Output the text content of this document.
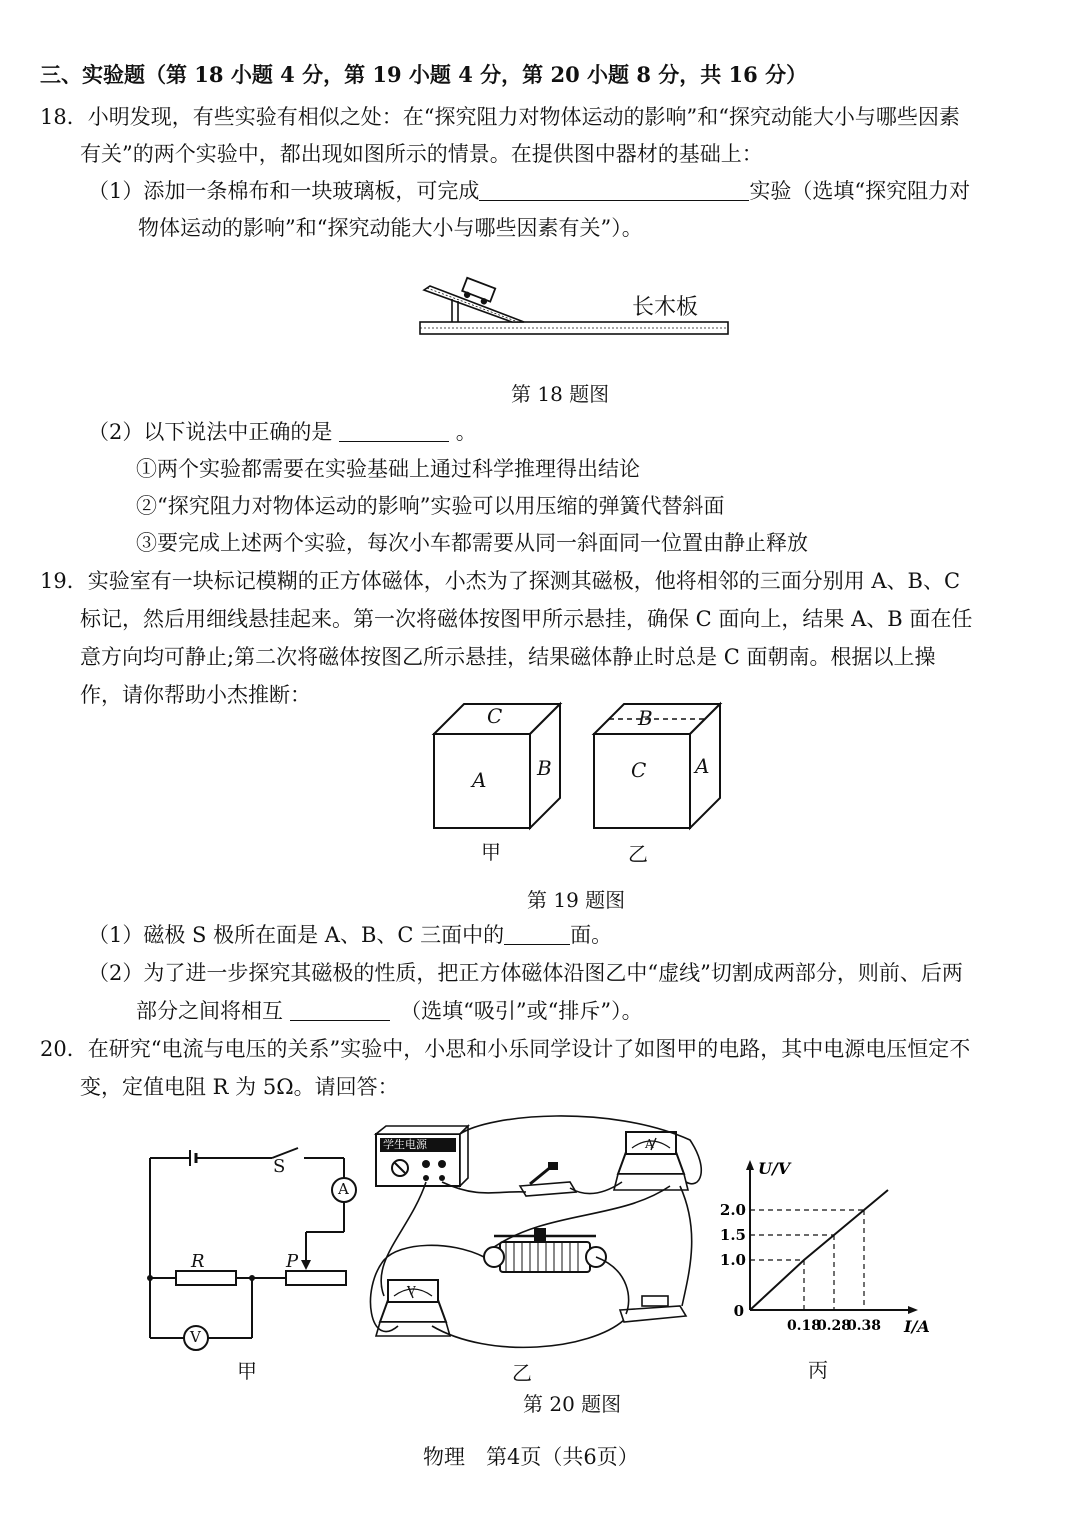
三、实验题（第 18 小题 4 分，第 19 小题 4 分，第 20 小题 8 分，共 16 分）
18．小明发现，有些实验有相似之处：在“探究阻力对物体运动的影响”和“探究动能大小与哪些因素
有关”的两个实验中，都出现如图所示的情景。在提供图中器材的基础上：
（1）添加一条棉布和一块玻璃板，可完成	实验（选填“探究阻力对
物体运动的影响”和“探究动能大小与哪些因素有关”）。
长木板
第 18 题图
（2）以下说法中正确的是	。
①两个实验都需要在实验基础上通过科学推理得出结论
②“探究阻力对物体运动的影响”实验可以用压缩的弹簧代替斜面
③要完成上述两个实验，每次小车都需要从同一斜面同一位置由静止释放
19．实验室有一块标记模糊的正方体磁体，小杰为了探测其磁极，他将相邻的三面分别用 A、B、C
标记，然后用细线悬挂起来。第一次将磁体按图甲所示悬挂，确保 C 面向上，结果 A、B 面在任
意方向均可静止;第二次将磁体按图乙所示悬挂，结果磁体静止时总是 C 面朝南。根据以上操
作，请你帮助小杰推断：
C
A	B
甲
B
C A
乙
第 19 题图
（1）磁极 S 极所在面是 A、B、C 三面中的	面。
（2）为了进一步探究其磁极的性质，把正方体磁体沿图乙中“虚线”切割成两部分，则前、后两
部分之间将相互 　	（选填“吸引”或“排斥”）。
20．在研究“电流与电压的关系”实验中，小思和小乐同学设计了如图甲的电路，其中电源电压恒定不
变，定值电阻 R 为 5Ω。请回答：
S
A
R	P
V
甲
学生电源	A
V
乙
1.0
1.5
2.0
0.18
0.28
0.38
0
U/V
I/A
丙
第 20 题图
物理　第4页（共6页）
